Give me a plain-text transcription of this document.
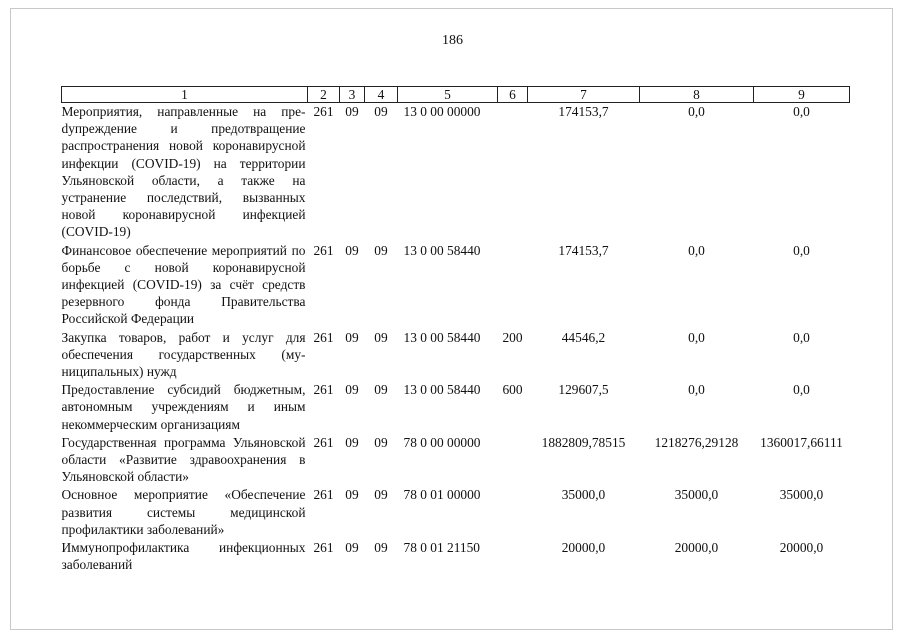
186
1	2	3	4	5	6	7	8	9
Мероприятия, направленные на преdупреждение и предотвращение распространения новой коронавирусной инфекции (COVID-19) на территории Ульяновской области, а также на устранение последствий, вызванных новой коронавирусной инфекцией (COVID-19)	261	09	09	13 0 00 00000		174153,7	0,0	0,0

Финансовое обеспечение мероприятий по борьбе с новой коронавирусной инфекцией (COVID-19) за счёт средств резервного фонда Правительства Российской Федерации	261	09	09	13 0 00 58440		174153,7	0,0	0,0

Закупка товаров, работ и услуг для обеспечения государственных (муниципальных) нужд	261	09	09	13 0 00 58440	200	44546,2	0,0	0,0

Предоставление субсидий бюджетным, автономным учреждениям и иным некоммерческим организациям	261	09	09	13 0 00 58440	600	129607,5	0,0	0,0

Государственная программа Ульяновской области «Развитие здравоохранения в Ульяновской области»	261	09	09	78 0 00 00000		1882809,78515	1218276,29128	1360017,66111

Основное мероприятие «Обеспечение развития системы медицинской профилактики заболеваний»	261	09	09	78 0 01 00000		35000,0	35000,0	35000,0

Иммунопрофилактика инфекционных заболеваний	261	09	09	78 0 01 21150		20000,0	20000,0	20000,0
